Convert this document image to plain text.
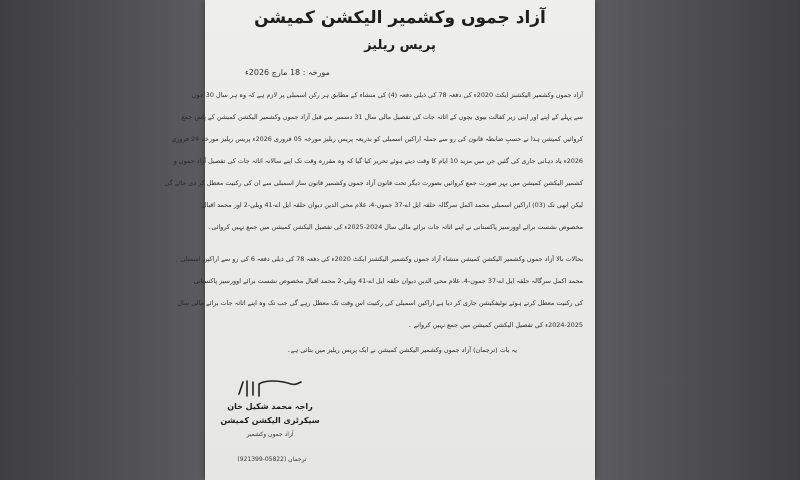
آزاد جموں وکشمیر الیکشن کمیشن
پریس ریلیز
مورخہ : 18 مارچ 2026ء
آزاد جموں وکشمیر الیکشنز ایکٹ 2020ء کی دفعہ 78 کی ذیلی دفعہ (4) کی منشاء کے مطابق ہر رکن اسمبلی پر لازم ہے کہ وہ ہر سال 30 جون
سے پہلے کے اپنے اور اپنی زیر کفالت بیوی بچوں کے اثاثہ جات کی تفصیل مالی سال 31 دسمبر سے قبل آزاد جموں وکشمیر الیکشن کمیشن کے پاس جمع
کروائیں کمیشن ہذا نے حسبِ ضابطہ قانون کی رو سے جملہ اراکین اسمبلی کو بذریعہ پریس ریلیز مورخہ 05 فروری 2026ء پریس ریلیز مورخہ 24 فروری
2026ء یاد دہانی جاری کی گئیں جن میں مزید 10 ایام کا وقت دیتے ہوئے تحریر کیا گیا کہ وہ مقررہ وقت تک اپنے سالانہ اثاثہ جات کی تفصیل آزاد جموں و
کشمیر الیکشن کمیشن میں بہر صورت جمع کروائیں بصورت دیگر تحت قانون آزاد جموں وکشمیر قانون ساز اسمبلی سے ان کی رکنیت معطل کر دی جائے گی
لیکن ابھی تک (03) اراکین اسمبلی محمد اکمل سرگالہ حلقہ ایل اے-37 جموں-4، غلام محی الدین دیوان حلقہ ایل اے-41 ویلی-2 اور محمد اقبال
مخصوص نشست برائے اوورسیز پاکستانی نے اپنے اثاثہ جات برائے مالی سال 2024-2025ء کی تفصیل الیکشن کمیشن میں جمع نہیں کروائی۔
بحالات بالا آزاد جموں وکشمیر الیکشن کمیشن منشاء آزاد جموں وکشمیر الیکشنز ایکٹ 2020ء کی دفعہ 78 کی ذیلی دفعہ 6 کی رو سے اراکین اسمبلی
محمد اکمل سرگالہ حلقہ ایل اے-37 جموں-4، غلام محی الدین دیوان حلقہ ایل اے-41 ویلی-2 محمد اقبال مخصوص نشست برائے اوورسیز پاکستانی
کی رکنیت معطل کرتے ہوئے نوٹیفکیشن جاری کر دیا ہے اراکین اسمبلی کی رکنیت اس وقت تک معطل رہے گی جب تک وہ اپنے اثاثہ جات برائے مالی سال
2024-2025ء کی تفصیل الیکشن کمیشن میں جمع نہیں کرواتے ۔
یہ بات (ترجمان) آزاد جموں وکشمیر الیکشن کمیشن نے ایک پریس ریلیز میں بتائی ہے۔
راجہ محمد شکیل خان
سیکرٹری الیکشن کمیشن
آزاد جموں وکشمیر
ترجمان (05822-921399)
